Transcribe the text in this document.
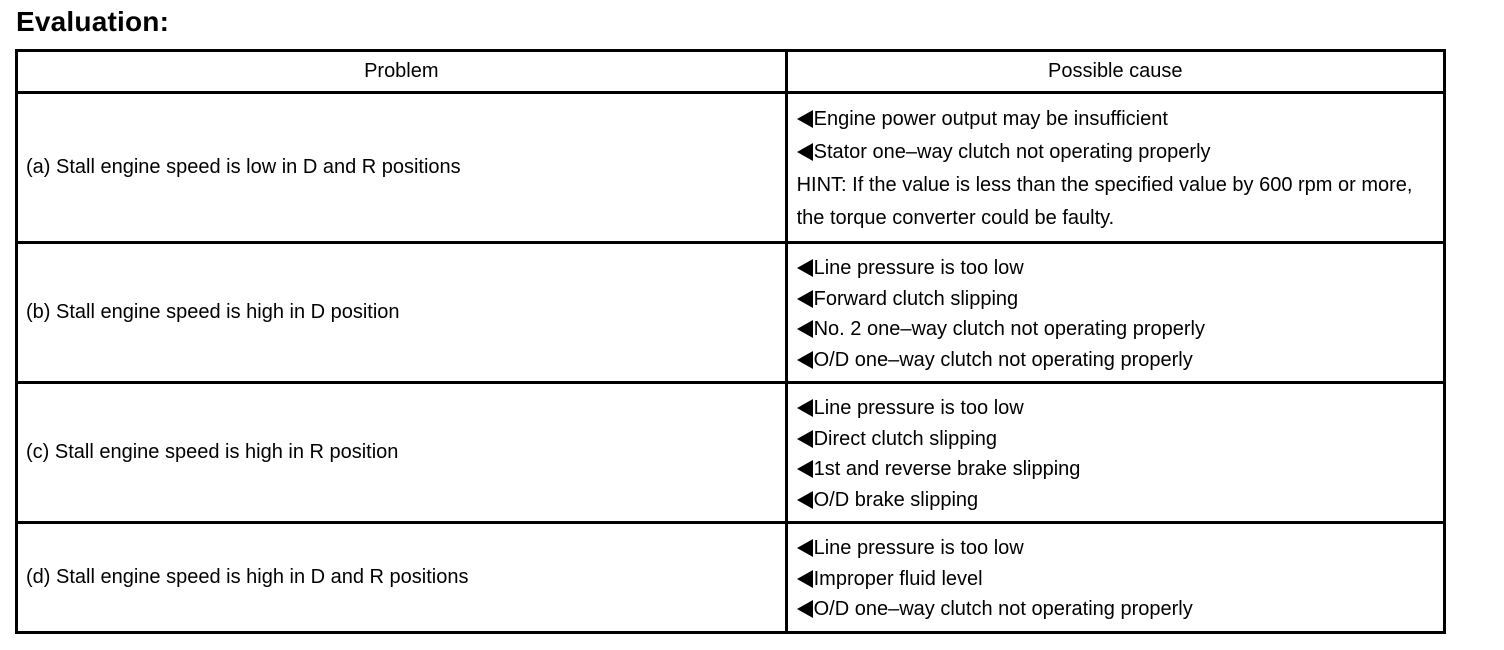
Evaluation:
Problem	Possible cause
(a) Stall engine speed is low in D and R positions	Engine power output may be insufficient
Stator one–way clutch not operating properly
HINT: If the value is less than the specified value by 600 rpm or more, the torque converter could be faulty.

(b) Stall engine speed is high in D position	Line pressure is too low
Forward clutch slipping
No. 2 one–way clutch not operating properly
O/D one–way clutch not operating properly

(c) Stall engine speed is high in R position	Line pressure is too low
Direct clutch slipping
1st and reverse brake slipping
O/D brake slipping

(d) Stall engine speed is high in D and R positions	Line pressure is too low
Improper fluid level
O/D one–way clutch not operating properly
